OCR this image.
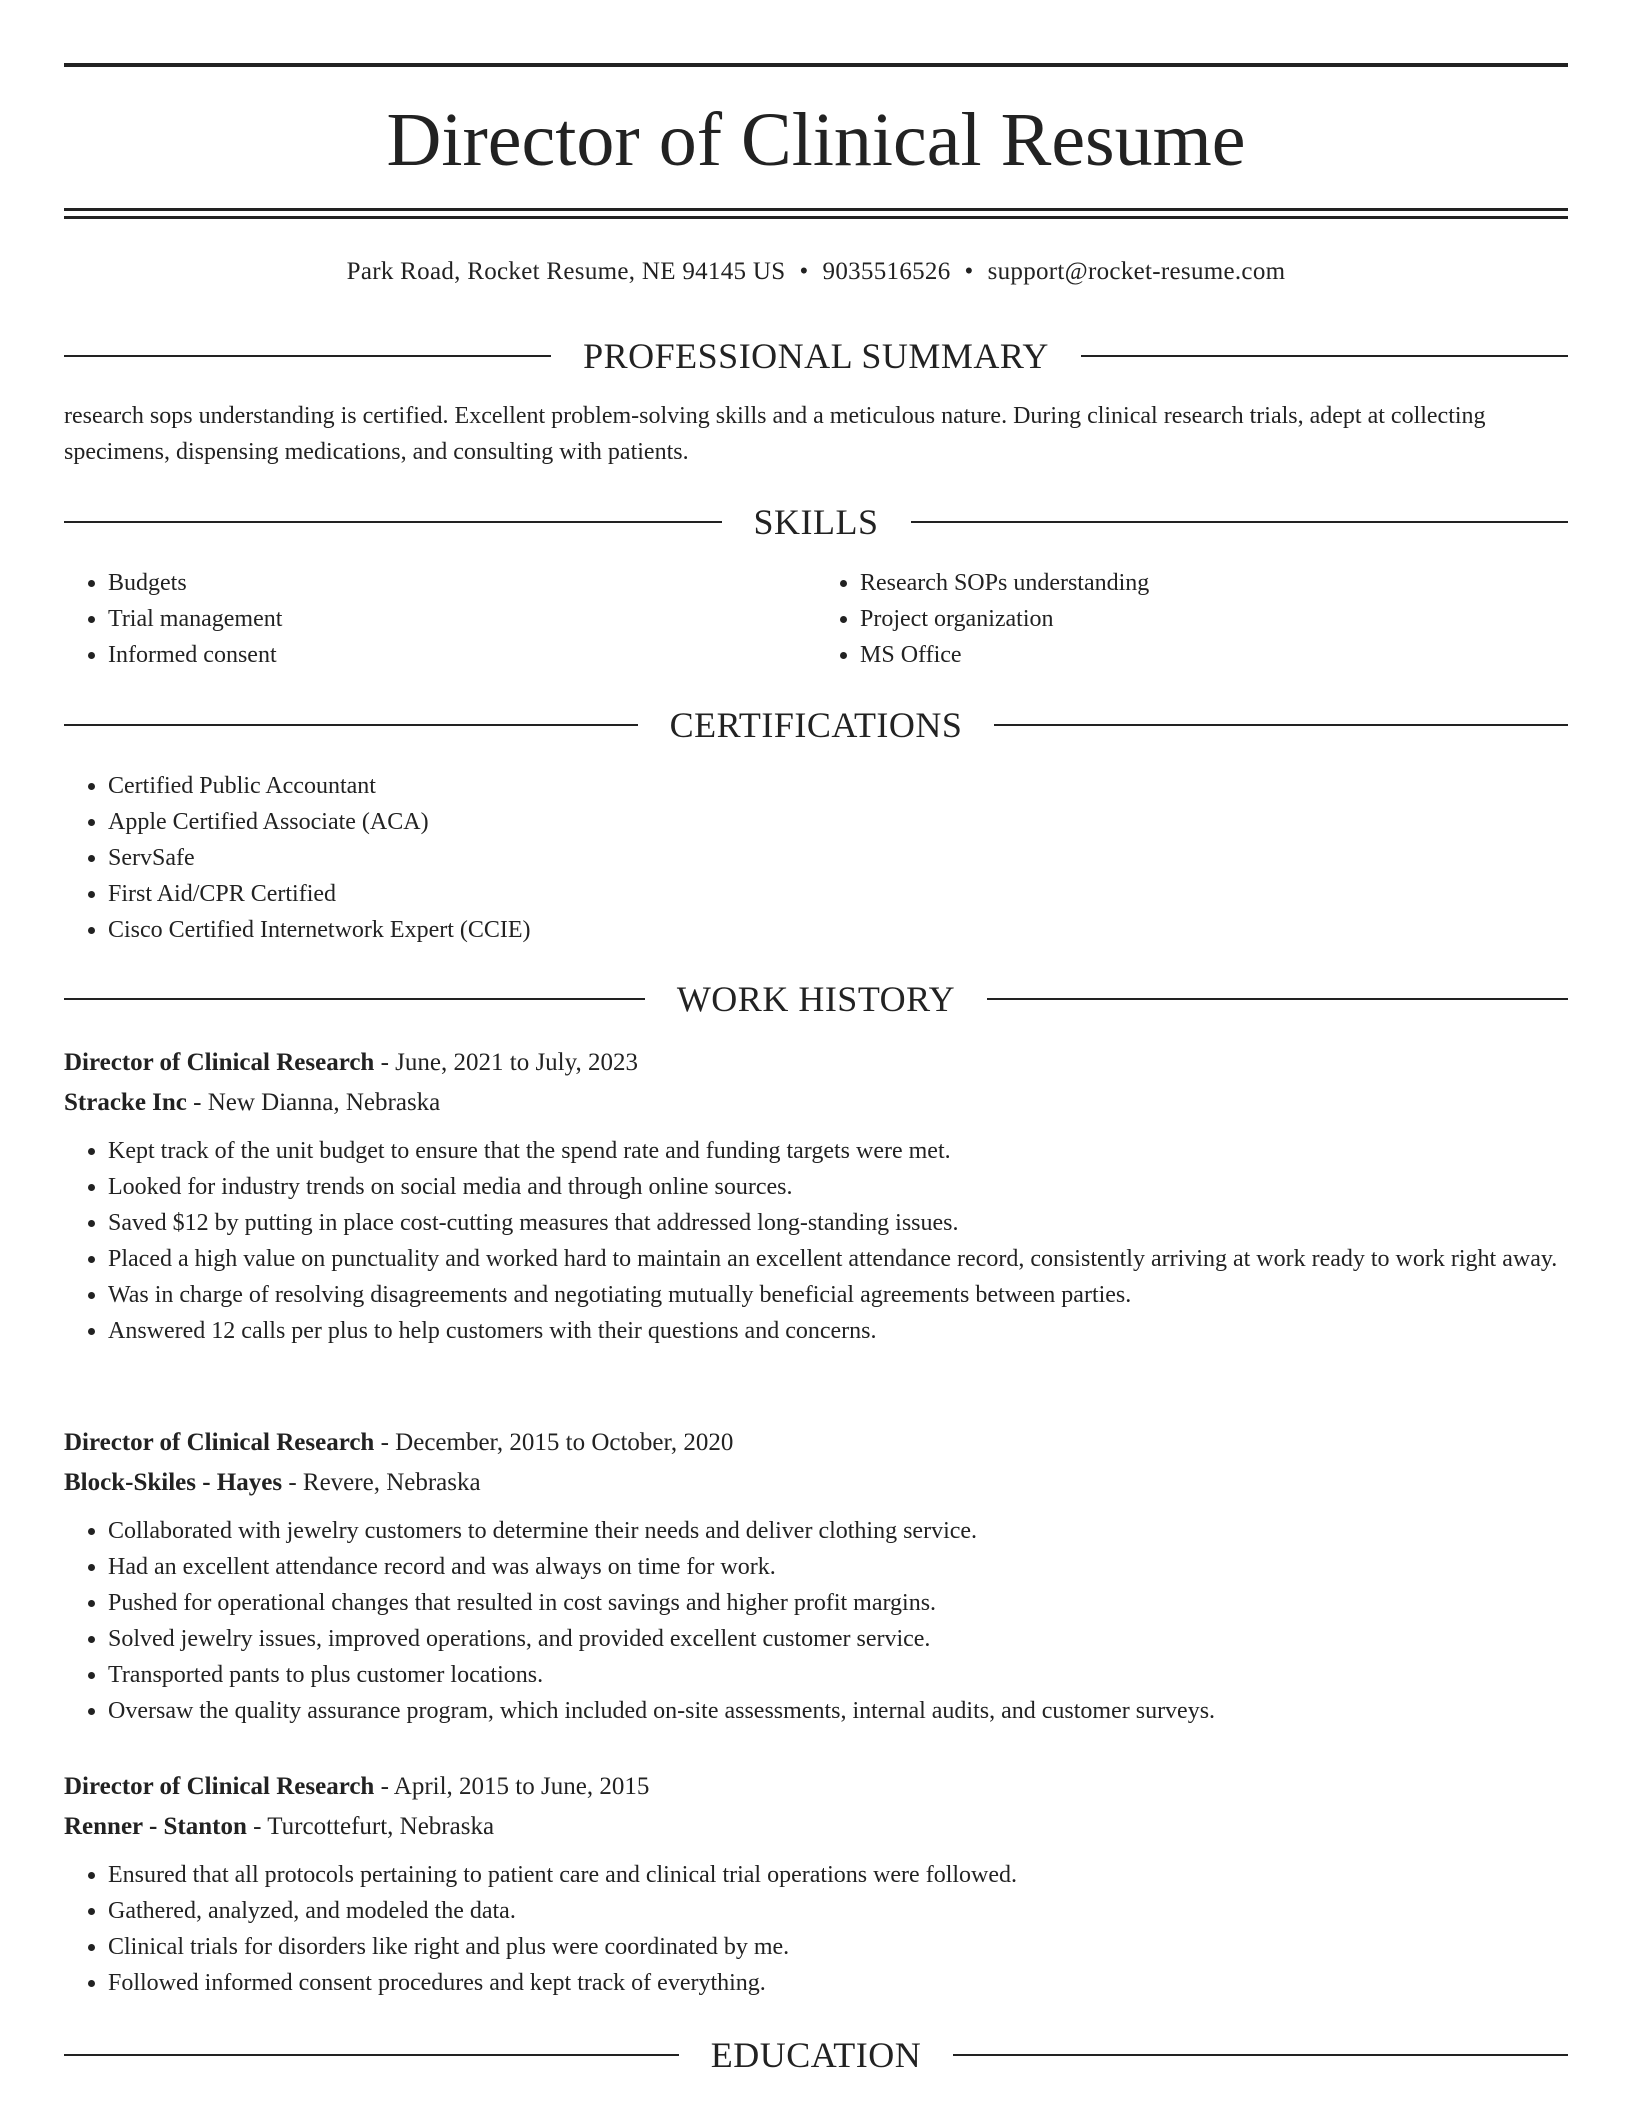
Director of Clinical Resume
Park Road, Rocket Resume, NE 94145 US • 9035516526 • support@rocket-resume.com
PROFESSIONAL SUMMARY

research sops understanding is certified. Excellent problem-solving skills and a meticulous nature. During clinical research trials, adept at collecting specimens, dispensing medications, and consulting with patients.

SKILLS
• Budgets
• Trial management
• Informed consent
• Research SOPs understanding
• Project organization
• MS Office
CERTIFICATIONS
• Certified Public Accountant
• Apple Certified Associate (ACA)
• ServSafe
• First Aid/CPR Certified
• Cisco Certified Internetwork Expert (CCIE)
WORK HISTORY
Director of Clinical Research - June, 2021 to July, 2023
Stracke Inc - New Dianna, Nebraska
• Kept track of the unit budget to ensure that the spend rate and funding targets were met.
• Looked for industry trends on social media and through online sources.
• Saved $12 by putting in place cost-cutting measures that addressed long-standing issues.
• Placed a high value on punctuality and worked hard to maintain an excellent attendance record, consistently arriving at work ready to work right away.
• Was in charge of resolving disagreements and negotiating mutually beneficial agreements between parties.
• Answered 12 calls per plus to help customers with their questions and concerns.
Director of Clinical Research - December, 2015 to October, 2020
Block-Skiles - Hayes - Revere, Nebraska
• Collaborated with jewelry customers to determine their needs and deliver clothing service.
• Had an excellent attendance record and was always on time for work.
• Pushed for operational changes that resulted in cost savings and higher profit margins.
• Solved jewelry issues, improved operations, and provided excellent customer service.
• Transported pants to plus customer locations.
• Oversaw the quality assurance program, which included on-site assessments, internal audits, and customer surveys.
Director of Clinical Research - April, 2015 to June, 2015
Renner - Stanton - Turcottefurt, Nebraska
• Ensured that all protocols pertaining to patient care and clinical trial operations were followed.
• Gathered, analyzed, and modeled the data.
• Clinical trials for disorders like right and plus were coordinated by me.
• Followed informed consent procedures and kept track of everything.
EDUCATION
